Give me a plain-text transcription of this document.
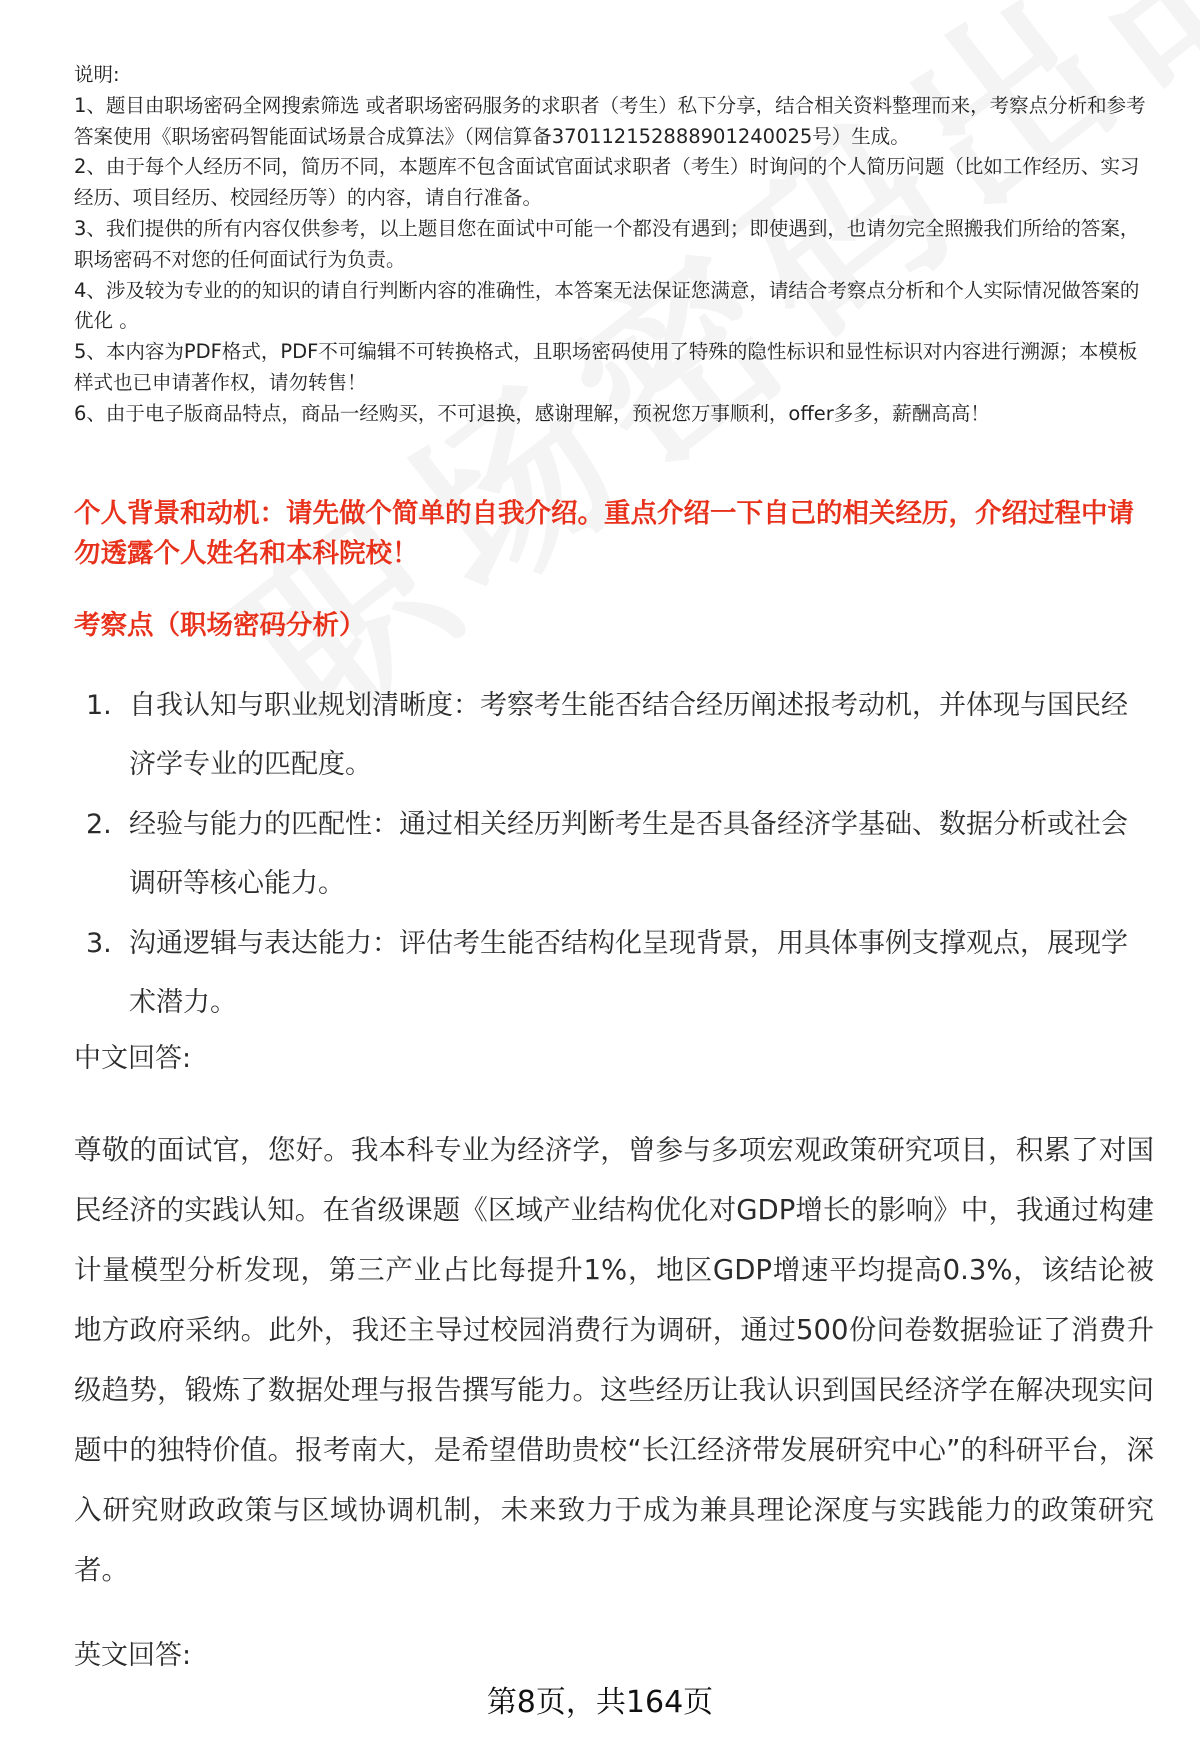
说明:

1、题目由职场密码全网搜索筛选 或者职场密码服务的求职者（考生）私下分享，结合相关资料整理而来，考察点分析和参考答案使用《职场密码智能面试场景合成算法》（网信算备370112152888901240025号）生成。

2、由于每个人经历不同，简历不同，本题库不包含面试官面试求职者（考生）时询问的个人简历问题（比如工作经历、实习经历、项目经历、校园经历等）的内容，请自行准备。

3、我们提供的所有内容仅供参考，以上题目您在面试中可能一个都没有遇到；即使遇到，也请勿完全照搬我们所给的答案，职场密码不对您的任何面试行为负责。

4、涉及较为专业的的知识的请自行判断内容的准确性，本答案无法保证您满意，请结合考察点分析和个人实际情况做答案的优化 。

5、本内容为PDF格式，PDF不可编辑不可转换格式，且职场密码使用了特殊的隐性标识和显性标识对内容进行溯源；本模板样式也已申请著作权，请勿转售！

6、由于电子版商品特点，商品一经购买，不可退换，感谢理解，预祝您万事顺利，offer多多，薪酬高高！

个人背景和动机：请先做个简单的自我介绍。重点介绍一下自己的相关经历，介绍过程中请勿透露个人姓名和本科院校！
考察点（职场密码分析）
1. 自我认知与职业规划清晰度：考察考生能否结合经历阐述报考动机，并体现与国民经济学专业的匹配度。
2. 经验与能力的匹配性：通过相关经历判断考生是否具备经济学基础、数据分析或社会调研等核心能力。
3. 沟通逻辑与表达能力：评估考生能否结构化呈现背景，用具体事例支撑观点，展现学术潜力。
中文回答:

尊敬的面试官，您好。我本科专业为经济学，曾参与多项宏观政策研究项目，积累了对国民经济的实践认知。在省级课题《区域产业结构优化对GDP增长的影响》中，我通过构建计量模型分析发现，第三产业占比每提升1%，地区GDP增速平均提高0.3%，该结论被地方政府采纳。此外，我还主导过校园消费行为调研，通过500份问卷数据验证了消费升级趋势，锻炼了数据处理与报告撰写能力。这些经历让我认识到国民经济学在解决现实问题中的独特价值。报考南大，是希望借助贵校“长江经济带发展研究中心”的科研平台，深入研究财政政策与区域协调机制，未来致力于成为兼具理论深度与实践能力的政策研究者。

英文回答:
第8页，共164页
